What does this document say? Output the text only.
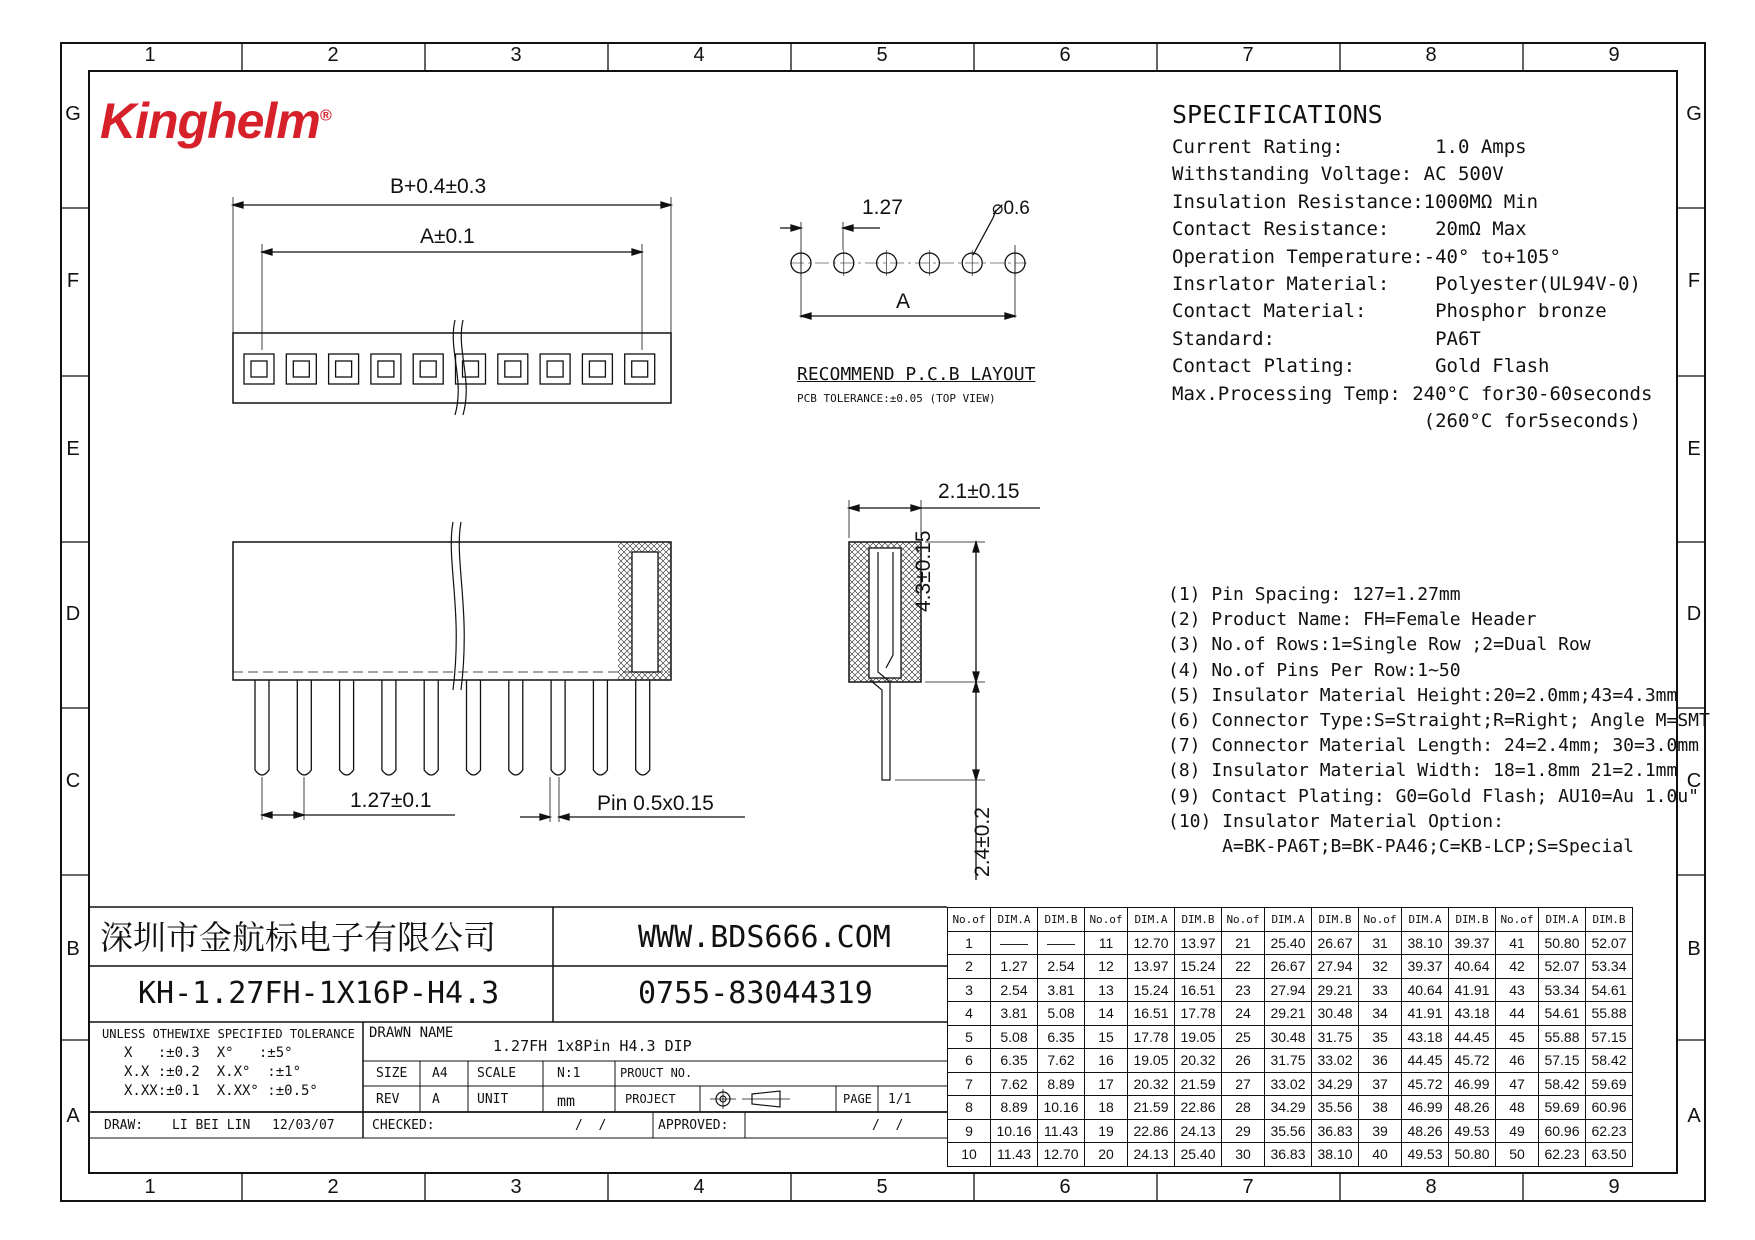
1
1
2
2
3
3
4
4
5
5
6
6
7
7
8
8
9
9
G	G
F	F
E	E
D	D
C	C
B	B
A	A
Kinghelm®	SPECIFICATIONS
Current Rating:        1.0 Amps
Withstanding Voltage: AC 500V
Insulation Resistance:1000MΩ Min
Contact Resistance:    20mΩ Max
Operation Temperature:-40° to+105°
Insrlator Material:    Polyester(UL94V-0)
Contact Material:      Phosphor bronze
Standard:              PA6T
Contact Plating:       Gold Flash
Max.Processing Temp: 240°C for30-60seconds
(260°C for5seconds)
(1) Pin Spacing: 127=1.27mm
(2) Product Name: FH=Female Header
(3) No.of Rows:1=Single Row ;2=Dual Row
(4) No.of Pins Per Row:1~50
(5) Insulator Material Height:20=2.0mm;43=4.3mm
(6) Connector Type:S=Straight;R=Right; Angle M=SMT
(7) Connector Material Length: 24=2.4mm; 30=3.0mm
(8) Insulator Material Width: 18=1.8mm 21=2.1mm
(9) Contact Plating: G0=Gold Flash; AU10=Au 1.0u"
(10) Insulator Material Option:
A=BK-PA6T;B=BK-PA46;C=KB-LCP;S=Special
B+0.4±0.3
A±0.1
1.27	⌀0.6
A
RECOMMEND P.C.B LAYOUT
PCB TOLERANCE:±0.05 (TOP VIEW)
2.1±0.15
4.3±0.15
2.4±0.2
1.27±0.1	Pin 0.5x0.15
深圳市金航标电子有限公司	WWW.BDS666.COM
KH-1.27FH-1X16P-H4.3	0755-83044319
UNLESS OTHEWIXE SPECIFIED TOLERANCE
X   :±0.3  X°   :±5°
X.X :±0.2  X.X°  :±1°
X.XX:±0.1  X.XX° :±0.5°
DRAWN NAME
1.27FH 1x8Pin H4.3 DIP
SIZE A4 SCALE	N:1	PROUCT NO.
REV	A	UNIT	mm	PROJECT	PAGE 1/1
DRAW: LI BEI LIN 12/03/07	CHECKED:	/  /	APPROVED:	/  /
No.of	DIM.A	DIM.B	No.of	DIM.A	DIM.B	No.of	DIM.A	DIM.B	No.of	DIM.A	DIM.B	No.of	DIM.A	DIM.B
1	——	——	11	12.70	13.97	21	25.40	26.67	31	38.10	39.37	41	50.80	52.07
2	1.27	2.54	12	13.97	15.24	22	26.67	27.94	32	39.37	40.64	42	52.07	53.34
3	2.54	3.81	13	15.24	16.51	23	27.94	29.21	33	40.64	41.91	43	53.34	54.61
4	3.81	5.08	14	16.51	17.78	24	29.21	30.48	34	41.91	43.18	44	54.61	55.88
5	5.08	6.35	15	17.78	19.05	25	30.48	31.75	35	43.18	44.45	45	55.88	57.15
6	6.35	7.62	16	19.05	20.32	26	31.75	33.02	36	44.45	45.72	46	57.15	58.42
7	7.62	8.89	17	20.32	21.59	27	33.02	34.29	37	45.72	46.99	47	58.42	59.69
8	8.89	10.16	18	21.59	22.86	28	34.29	35.56	38	46.99	48.26	48	59.69	60.96
9	10.16	11.43	19	22.86	24.13	29	35.56	36.83	39	48.26	49.53	49	60.96	62.23
10	11.43	12.70	20	24.13	25.40	30	36.83	38.10	40	49.53	50.80	50	62.23	63.50
